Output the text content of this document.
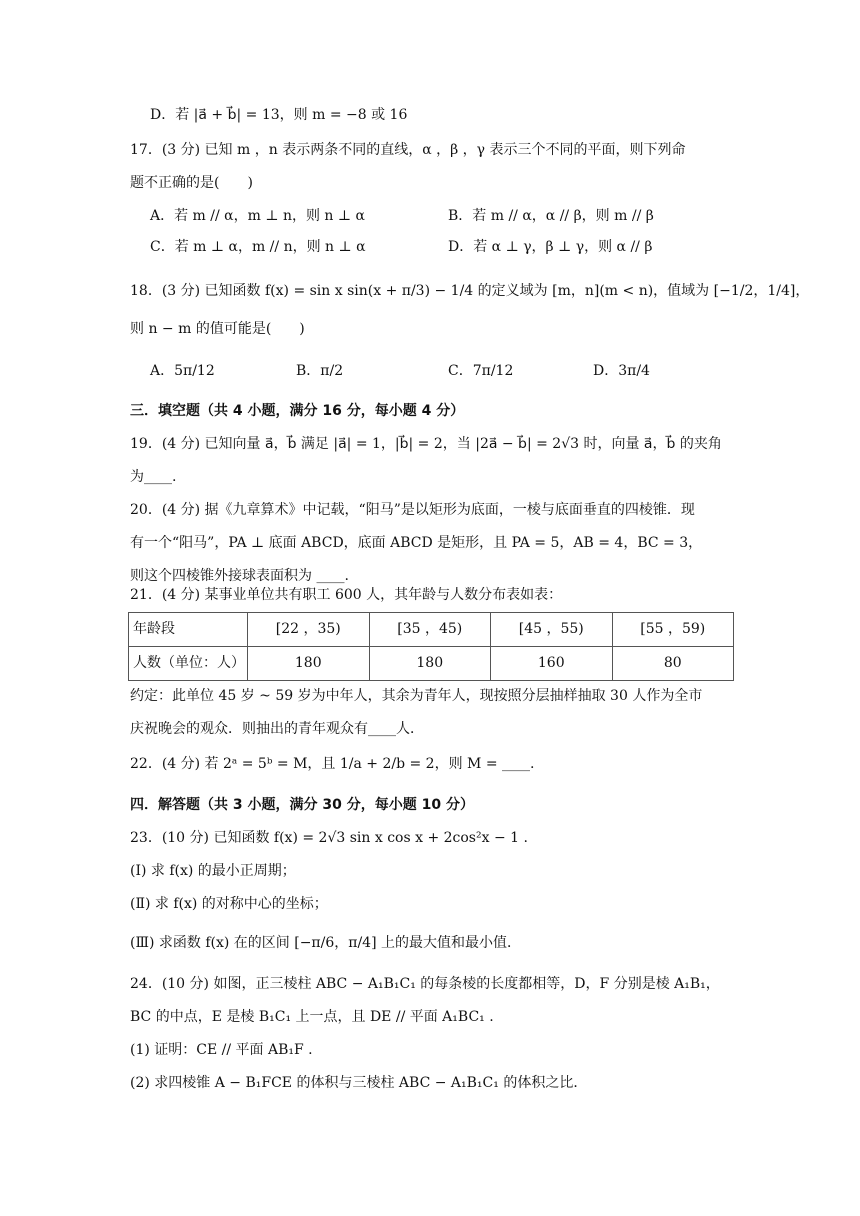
D．若 |a⃗ + b⃗| = 13，则 m = −8 或 16
17．(3 分) 已知 m ，n 表示两条不同的直线，α ，β ，γ 表示三个不同的平面，则下列命
题不正确的是(　　)
A．若 m // α，m ⊥ n，则 n ⊥ α	B．若 m // α，α // β，则 m // β
C．若 m ⊥ α，m // n，则 n ⊥ α	D．若 α ⊥ γ，β ⊥ γ，则 α // β
18．(3 分) 已知函数 f(x) = sin x sin(x + π/3) − 1/4 的定义域为 [m，n](m < n)，值域为 [−1/2，1/4]，
则 n − m 的值可能是(　　)
A．5π/12	B．π/2	C．7π/12	D．3π/4
三．填空题（共 4 小题，满分 16 分，每小题 4 分）
19．(4 分) 已知向量 a⃗，b⃗ 满足 |a⃗| = 1，|b⃗| = 2，当 |2a⃗ − b⃗| = 2√3 时，向量 a⃗，b⃗ 的夹角
为____.
20．(4 分) 据《九章算术》中记载，“阳马”是以矩形为底面，一棱与底面垂直的四棱锥．现
有一个“阳马”，PA ⊥ 底面 ABCD，底面 ABCD 是矩形，且 PA = 5，AB = 4，BC = 3，
则这个四棱锥外接球表面积为 ____.
21．(4 分) 某事业单位共有职工 600 人，其年龄与人数分布表如表：
年龄段	[22 ，35)	[35 ，45)	[45 ，55)	[55 ，59)
人数（单位：人）	180	180	160	80
约定：此单位 45 岁 ~ 59 岁为中年人，其余为青年人，现按照分层抽样抽取 30 人作为全市
庆祝晚会的观众．则抽出的青年观众有____人．
22．(4 分) 若 2ᵃ = 5ᵇ = M，且 1/a + 2/b = 2，则 M = ____.
四．解答题（共 3 小题，满分 30 分，每小题 10 分）
23．(10 分) 已知函数 f(x) = 2√3 sin x cos x + 2cos²x − 1 .
(Ⅰ) 求 f(x) 的最小正周期；
(Ⅱ) 求 f(x) 的对称中心的坐标；
(Ⅲ) 求函数 f(x) 在的区间 [−π/6，π/4] 上的最大值和最小值．
24．(10 分) 如图，正三棱柱 ABC − A₁B₁C₁ 的每条棱的长度都相等，D，F 分别是棱 A₁B₁，
BC 的中点，E 是棱 B₁C₁ 上一点，且 DE // 平面 A₁BC₁ .
(1) 证明：CE // 平面 AB₁F .
(2) 求四棱锥 A − B₁FCE 的体积与三棱柱 ABC − A₁B₁C₁ 的体积之比．
